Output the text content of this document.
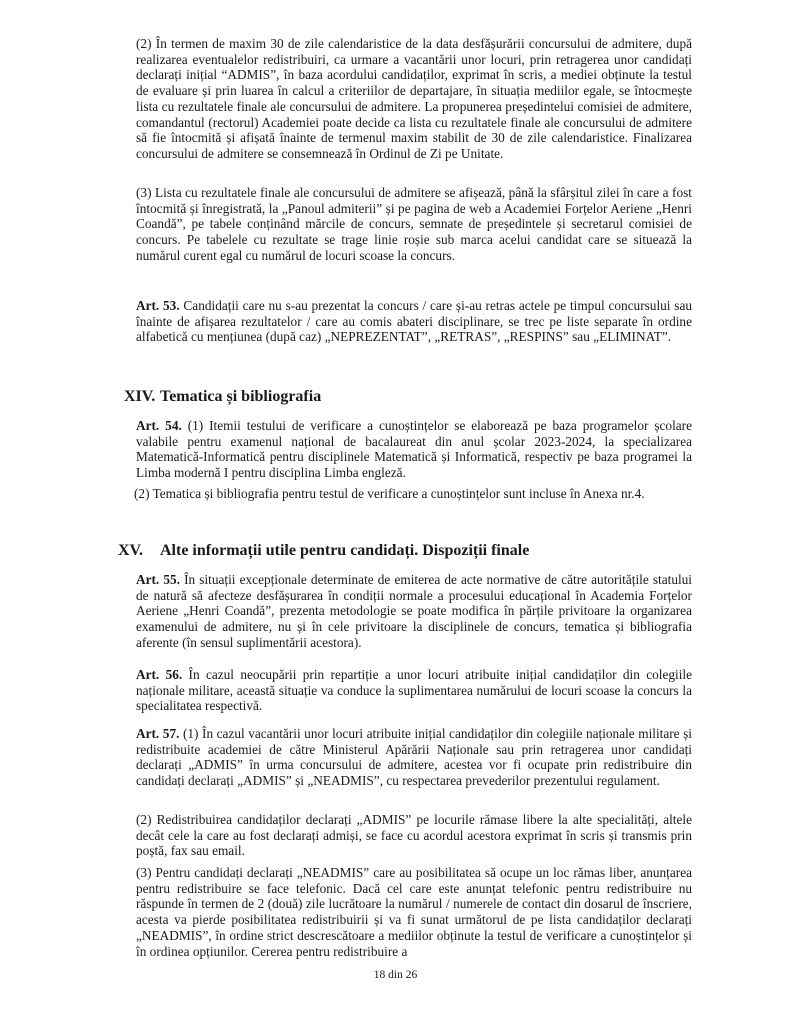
(2) În termen de maxim 30 de zile calendaristice de la data desfășurării concursului de admitere, după realizarea eventualelor redistribuiri, ca urmare a vacantării unor locuri, prin retragerea unor candidați declarați inițial “ADMIS”, în baza acordului candidaților, exprimat în scris, a mediei obținute la testul de evaluare și prin luarea în calcul a criteriilor de departajare, în situația mediilor egale, se întocmește lista cu rezultatele finale ale concursului de admitere. La propunerea președintelui comisiei de admitere, comandantul (rectorul) Academiei poate decide ca lista cu rezultatele finale ale concursului de admitere să fie întocmită și afișată înainte de termenul maxim stabilit de 30 de zile calendaristice. Finalizarea concursului de admitere se consemnează în Ordinul de Zi pe Unitate.

(3) Lista cu rezultatele finale ale concursului de admitere se afișează, până la sfârșitul zilei în care a fost întocmită și înregistrată, la „Panoul admiterii” și pe pagina de web a Academiei Forțelor Aeriene „Henri Coandă”, pe tabele conținând mărcile de concurs, semnate de președintele și secretarul comisiei de concurs. Pe tabelele cu rezultate se trage linie roșie sub marca acelui candidat care se situează la numărul curent egal cu numărul de locuri scoase la concurs.

Art. 53. Candidații care nu s-au prezentat la concurs / care și-au retras actele pe timpul concursului sau înainte de afișarea rezultatelor / care au comis abateri disciplinare, se trec pe liste separate în ordine alfabetică cu mențiunea (după caz) „NEPREZENTAT”, „RETRAS”, „RESPINS” sau „ELIMINAT”.

XIV. Tematica și bibliografia

Art. 54. (1) Itemii testului de verificare a cunoștințelor se elaborează pe baza programelor școlare valabile pentru examenul național de bacalaureat din anul școlar 2023-2024, la specializarea Matematică-Informatică pentru disciplinele Matematică și Informatică, respectiv pe baza programei la Limba modernă I pentru disciplina Limba engleză.

(2) Tematica și bibliografia pentru testul de verificare a cunoștințelor sunt incluse în Anexa nr.4.

XV. Alte informații utile pentru candidați. Dispoziții finale

Art. 55. În situații excepționale determinate de emiterea de acte normative de către autoritățile statului de natură să afecteze desfășurarea în condiții normale a procesului educațional în Academia Forțelor Aeriene „Henri Coandă”, prezenta metodologie se poate modifica în părțile privitoare la organizarea examenului de admitere, nu și în cele privitoare la disciplinele de concurs, tematica și bibliografia aferente (în sensul suplimentării acestora).

Art. 56. În cazul neocupării prin repartiție a unor locuri atribuite inițial candidaților din colegiile naționale militare, această situație va conduce la suplimentarea numărului de locuri scoase la concurs la specialitatea respectivă.

Art. 57. (1) În cazul vacantării unor locuri atribuite inițial candidaților din colegiile naționale militare și redistribuite academiei de către Ministerul Apărării Naționale sau prin retragerea unor candidați declarați „ADMIS” în urma concursului de admitere, acestea vor fi ocupate prin redistribuire din candidați declarați „ADMIS” și „NEADMIS”, cu respectarea prevederilor prezentului regulament.

(2) Redistribuirea candidaților declarați „ADMIS” pe locurile rămase libere la alte specialități, altele decât cele la care au fost declarați admiși, se face cu acordul acestora exprimat în scris și transmis prin poștă, fax sau email.

(3) Pentru candidați declarați „NEADMIS” care au posibilitatea să ocupe un loc rămas liber, anunțarea pentru redistribuire se face telefonic. Dacă cel care este anunțat telefonic pentru redistribuire nu răspunde în termen de 2 (două) zile lucrătoare la numărul / numerele de contact din dosarul de înscriere, acesta va pierde posibilitatea redistribuirii și va fi sunat următorul de pe lista candidaților declarați „NEADMIS”, în ordine strict descrescătoare a mediilor obținute la testul de verificare a cunoștințelor și în ordinea opțiunilor. Cererea pentru redistribuire a

18 din 26
